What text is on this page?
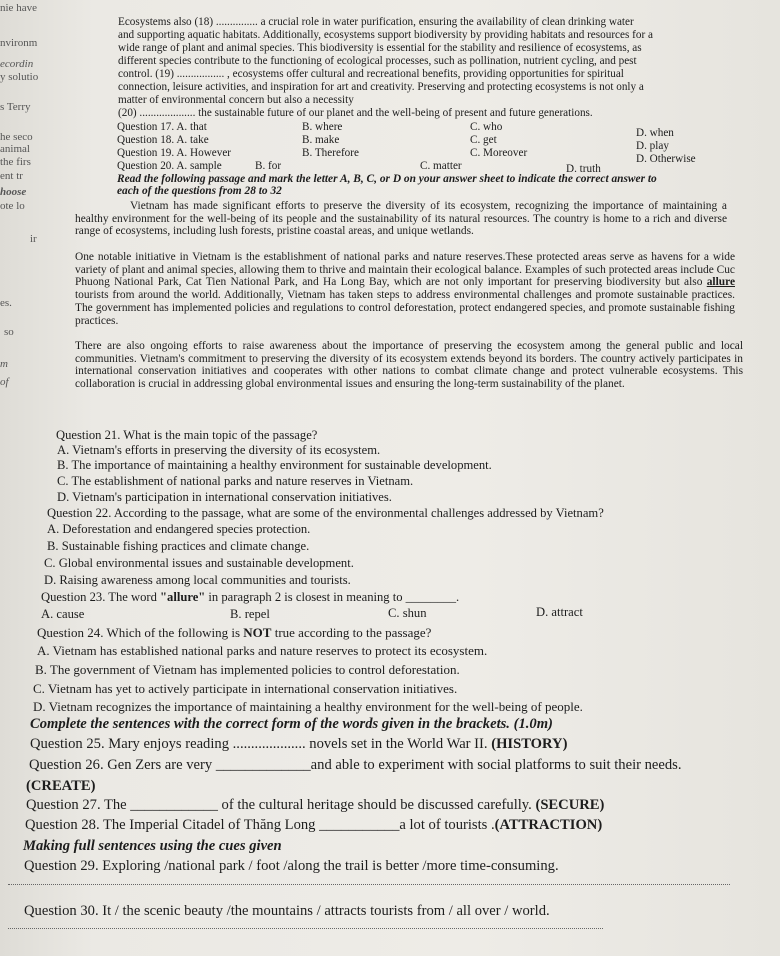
nie have
nvironm
ecordin
y solutio
s Terry
he seco
animal
the firs
ent tr
hoose
ote lo
ir
es.
so
m
of
Ecosystems also (18) ............... a crucial role in water purification, ensuring the availability of clean drinking water
and supporting aquatic habitats. Additionally, ecosystems support biodiversity by providing habitats and resources for a
wide range of plant and animal species. This biodiversity is essential for the stability and resilience of ecosystems, as
different species contribute to the functioning of ecological processes, such as pollination, nutrient cycling, and pest
control. (19) ................. , ecosystems offer cultural and recreational benefits, providing opportunities for spiritual
connection, leisure activities, and inspiration for art and creativity. Preserving and protecting ecosystems is not only a
matter of environmental concern but also a necessity
(20) .................... the sustainable future of our planet and the well-being of present and future generations.
Question 17. A. that	B. where	C. who	D. when
Question 18. A. take	B. make	C. get	D. play
Question 19. A. However	B. Therefore	C. Moreover	D. Otherwise
Question 20. A. sample	B. for	C. matter	D. truth
Read the following passage and mark the letter A, B, C, or D on your answer sheet to indicate the correct answer to
each of the questions from 28 to 32
Vietnam has made significant efforts to preserve the diversity of its ecosystem, recognizing the importance of maintaining a healthy environment for the well-being of its people and the sustainability of its natural resources. The country is home to a rich and diverse range of ecosystems, including lush forests, pristine coastal areas, and unique wetlands.
One notable initiative in Vietnam is the establishment of national parks and nature reserves.These protected areas serve as havens for a wide variety of plant and animal species, allowing them to thrive and maintain their ecological balance. Examples of such protected areas include Cuc Phuong National Park, Cat Tien National Park, and Ha Long Bay, which are not only important for preserving biodiversity but also allure tourists from around the world. Additionally, Vietnam has taken steps to address environmental challenges and promote sustainable practices. The government has implemented policies and regulations to control deforestation, protect endangered species, and promote sustainable fishing practices.
There are also ongoing efforts to raise awareness about the importance of preserving the ecosystem among the general public and local communities. Vietnam's commitment to preserving the diversity of its ecosystem extends beyond its borders. The country actively participates in international conservation initiatives and cooperates with other nations to combat climate change and protect vulnerable ecosystems. This collaboration is crucial in addressing global environmental issues and ensuring the long-term sustainability of the planet.
Question 21. What is the main topic of the passage?
A. Vietnam's efforts in preserving the diversity of its ecosystem.
B. The importance of maintaining a healthy environment for sustainable development.
C. The establishment of national parks and nature reserves in Vietnam.
D. Vietnam's participation in international conservation initiatives.
Question 22. According to the passage, what are some of the environmental challenges addressed by Vietnam?
A. Deforestation and endangered species protection.
B. Sustainable fishing practices and climate change.
C. Global environmental issues and sustainable development.
D. Raising awareness among local communities and tourists.
Question 23. The word "allure" in paragraph 2 is closest in meaning to ________.
A. cause	B. repel	C. shun	D. attract
Question 24. Which of the following is NOT true according to the passage?
A. Vietnam has established national parks and nature reserves to protect its ecosystem.
B. The government of Vietnam has implemented policies to control deforestation.
C. Vietnam has yet to actively participate in international conservation initiatives.
D. Vietnam recognizes the importance of maintaining a healthy environment for the well-being of people.
Complete the sentences with the correct form of the words given in the brackets. (1.0m)
Question 25. Mary enjoys reading .................... novels set in the World War II. (HISTORY)
Question 26. Gen Zers are very _____________and able to experiment with social platforms to suit their needs.
(CREATE)
Question 27. The ____________ of the cultural heritage should be discussed carefully. (SECURE)
Question 28. The Imperial Citadel of Thăng Long ___________a lot of tourists .(ATTRACTION)
Making full sentences using the cues given
Question 29. Exploring /national park / foot /along the trail is better /more time-consuming.
Question 30. It / the scenic beauty /the mountains / attracts tourists from / all over / world.
